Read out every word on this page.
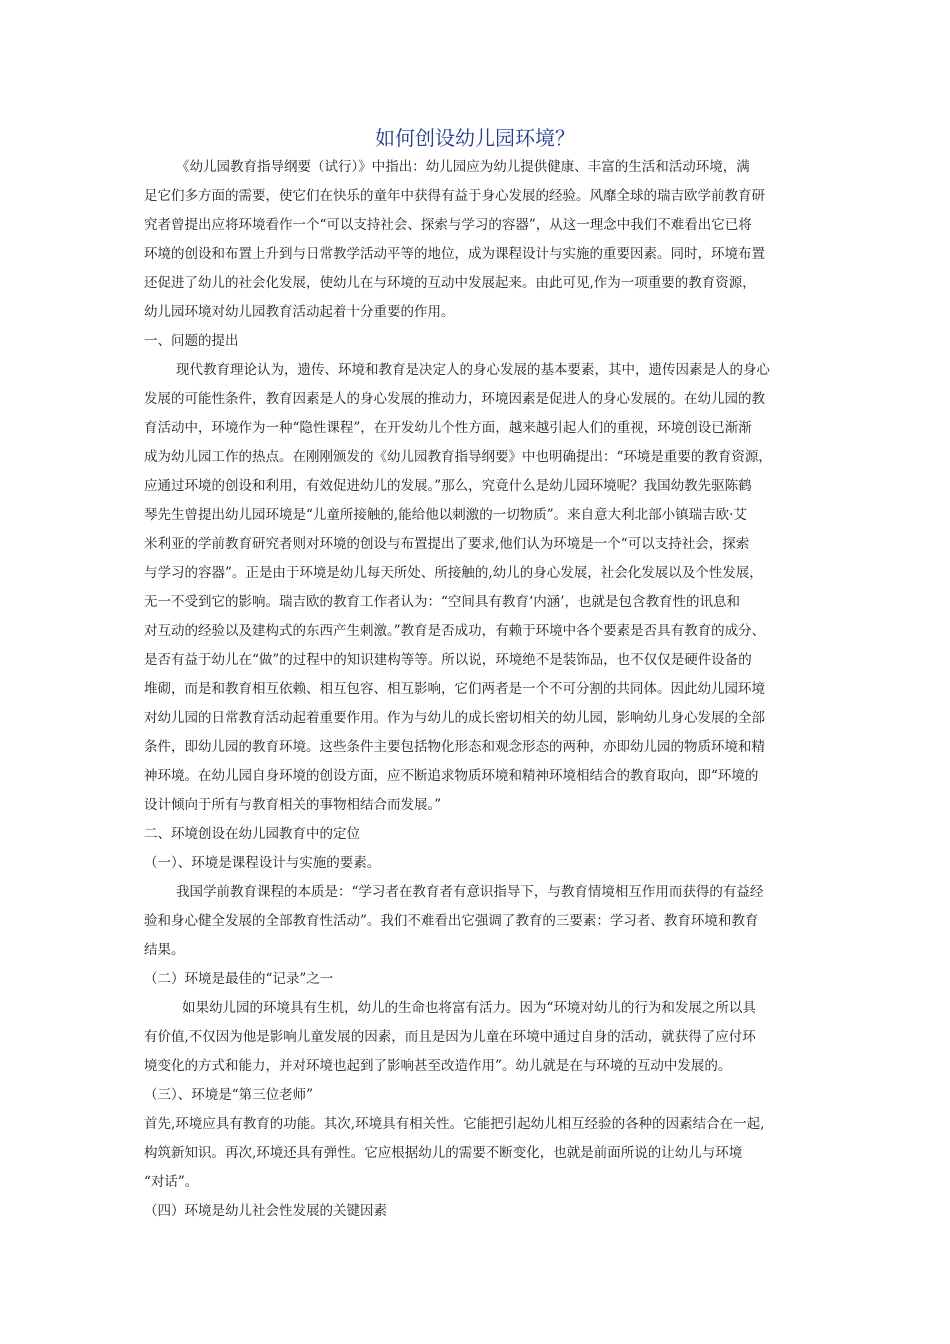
如何创设幼儿园环境？
《幼儿园教育指导纲要（试行）》中指出：幼儿园应为幼儿提供健康、丰富的生活和活动环境，满
足它们多方面的需要，使它们在快乐的童年中获得有益于身心发展的经验。风靡全球的瑞吉欧学前教育研
究者曾提出应将环境看作一个“可以支持社会、探索与学习的容器”，从这一理念中我们不难看出它已将
环境的创设和布置上升到与日常教学活动平等的地位，成为课程设计与实施的重要因素。同时，环境布置
还促进了幼儿的社会化发展，使幼儿在与环境的互动中发展起来。由此可见,作为一项重要的教育资源，
幼儿园环境对幼儿园教育活动起着十分重要的作用。
一、问题的提出
现代教育理论认为，遗传、环境和教育是决定人的身心发展的基本要素，其中，遗传因素是人的身心
发展的可能性条件，教育因素是人的身心发展的推动力，环境因素是促进人的身心发展的。在幼儿园的教
育活动中，环境作为一种“隐性课程”，在开发幼儿个性方面，越来越引起人们的重视，环境创设已渐渐
成为幼儿园工作的热点。在刚刚颁发的《幼儿园教育指导纲要》中也明确提出：“环境是重要的教育资源，
应通过环境的创设和利用，有效促进幼儿的发展。”那么，究竟什么是幼儿园环境呢？我国幼教先驱陈鹤
琴先生曾提出幼儿园环境是“儿童所接触的,能给他以刺激的一切物质”。来自意大利北部小镇瑞吉欧·艾
米利亚的学前教育研究者则对环境的创设与布置提出了要求,他们认为环境是一个“可以支持社会，探索
与学习的容器”。正是由于环境是幼儿每天所处、所接触的,幼儿的身心发展，社会化发展以及个性发展，
无一不受到它的影响。瑞吉欧的教育工作者认为：“空间具有教育‘内涵’，也就是包含教育性的讯息和
对互动的经验以及建构式的东西产生刺激。”教育是否成功，有赖于环境中各个要素是否具有教育的成分、
是否有益于幼儿在“做”的过程中的知识建构等等。所以说，环境绝不是装饰品，也不仅仅是硬件设备的
堆砌，而是和教育相互依赖、相互包容、相互影响，它们两者是一个不可分割的共同体。因此幼儿园环境
对幼儿园的日常教育活动起着重要作用。作为与幼儿的成长密切相关的幼儿园，影响幼儿身心发展的全部
条件，即幼儿园的教育环境。这些条件主要包括物化形态和观念形态的两种，亦即幼儿园的物质环境和精
神环境。在幼儿园自身环境的创设方面，应不断追求物质环境和精神环境相结合的教育取向，即“环境的
设计倾向于所有与教育相关的事物相结合而发展。”
二、环境创设在幼儿园教育中的定位
（一）、环境是课程设计与实施的要素。
我国学前教育课程的本质是：“学习者在教育者有意识指导下，与教育情境相互作用而获得的有益经
验和身心健全发展的全部教育性活动”。我们不难看出它强调了教育的三要素：学习者、教育环境和教育
结果。
（二）环境是最佳的“记录”之一
如果幼儿园的环境具有生机，幼儿的生命也将富有活力。因为“环境对幼儿的行为和发展之所以具
有价值,不仅因为他是影响儿童发展的因素，而且是因为儿童在环境中通过自身的活动，就获得了应付环
境变化的方式和能力，并对环境也起到了影响甚至改造作用”。幼儿就是在与环境的互动中发展的。
（三）、环境是“第三位老师”
首先,环境应具有教育的功能。其次,环境具有相关性。它能把引起幼儿相互经验的各种的因素结合在一起,
构筑新知识。再次,环境还具有弹性。它应根据幼儿的需要不断变化，也就是前面所说的让幼儿与环境
“对话”。
（四）环境是幼儿社会性发展的关键因素
